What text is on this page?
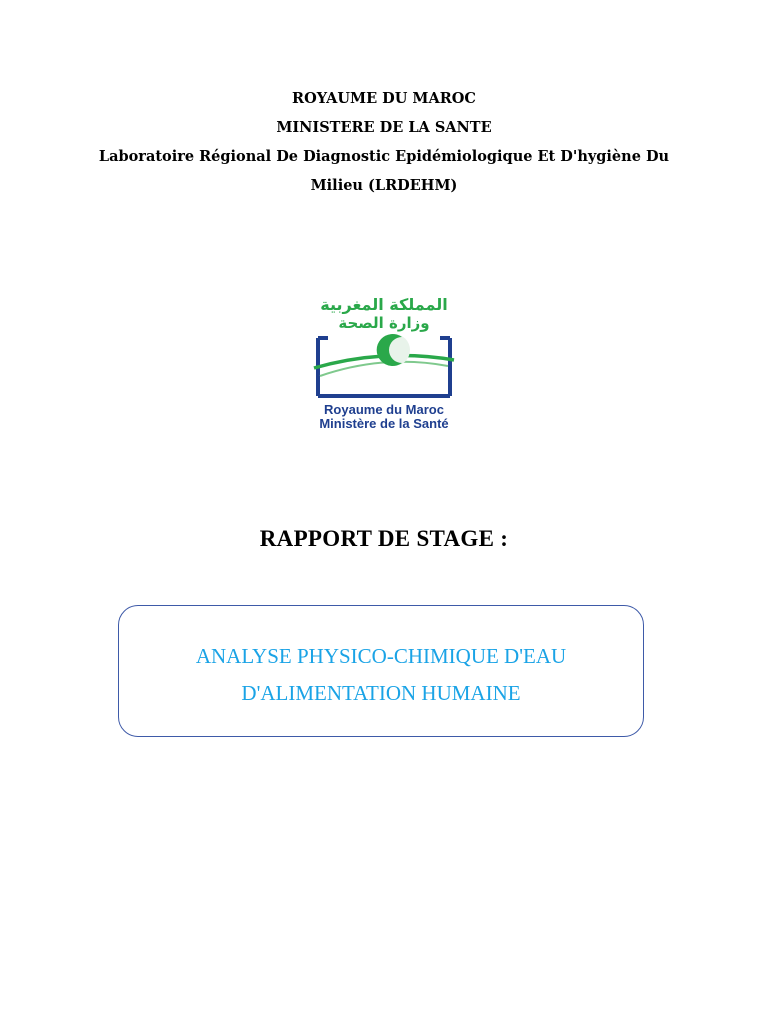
ROYAUME DU MAROC
MINISTERE DE LA SANTE
Laboratoire Régional De Diagnostic Epidémiologique Et D'hygiène Du
Milieu (LRDEHM)
المملكة المغربية
وزارة الصحة
Royaume du Maroc
Ministère de la Santé
RAPPORT DE STAGE :
ANALYSE PHYSICO-CHIMIQUE D'EAU
D'ALIMENTATION HUMAINE
